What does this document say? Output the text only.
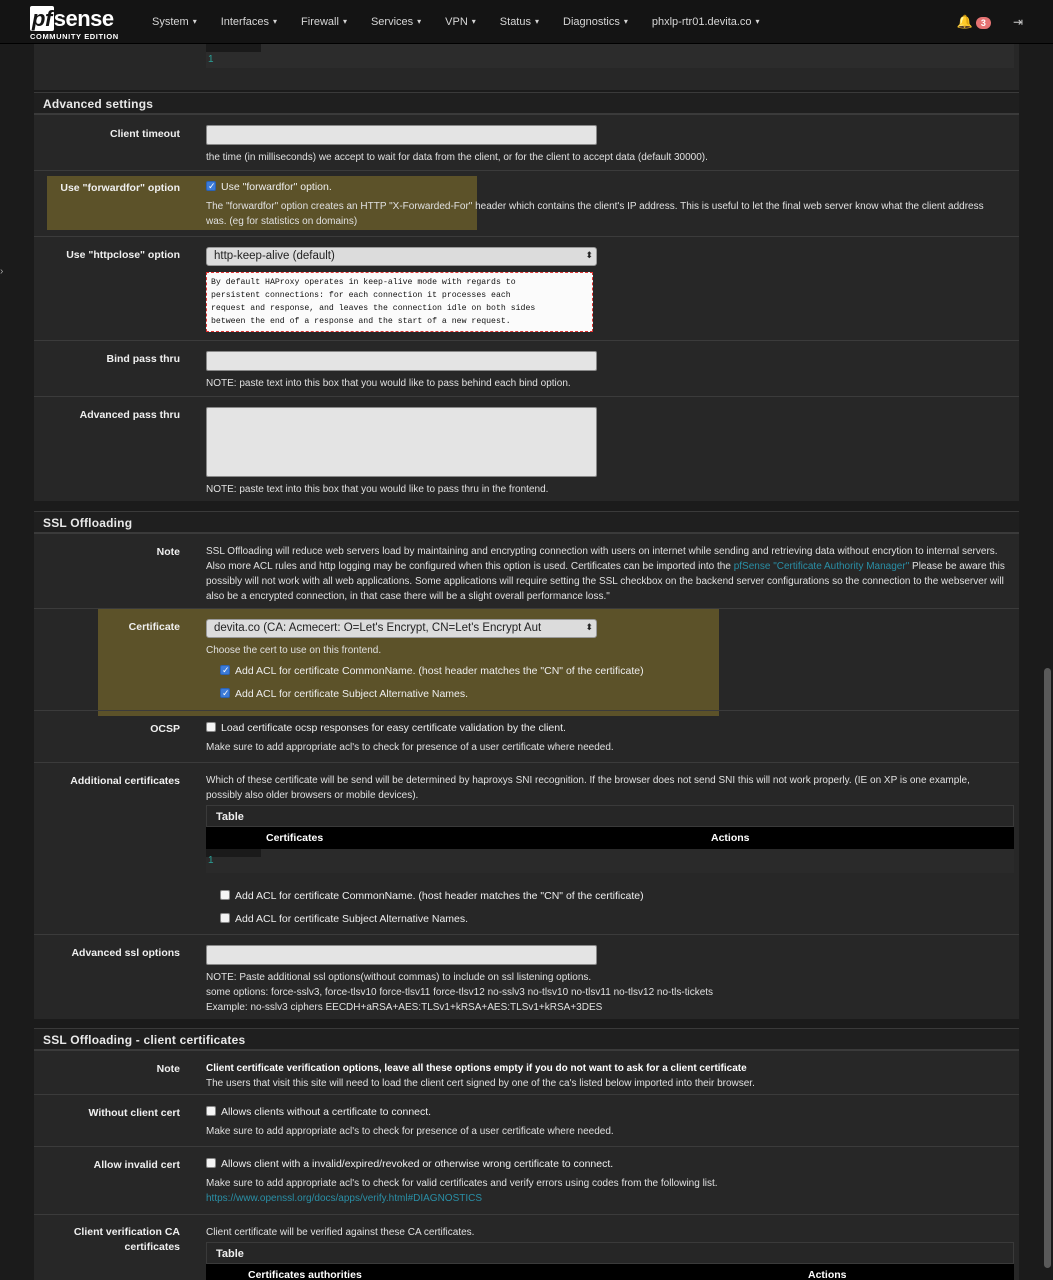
pfsense
COMMUNITY EDITION
System ▾ Interfaces ▾ Firewall ▾ Services ▾ VPN ▾ Status ▾ Diagnostics ▾ phxlp-rtr01.devita.co ▾	🔔 3	⇥
›
1
Advanced settings
Client timeout
the time (in milliseconds) we accept to wait for data from the client, or for the client to accept data (default 30000).
Use "forwardfor" option
✓	Use "forwardfor" option.
The "forwardfor" option creates an HTTP "X-Forwarded-For" header which contains the client's IP address. This is useful to let the final web server know what the client address was. (eg for statistics on domains)
Use "httpclose" option	http-keep-alive (default)	⬍
By default HAProxy operates in keep-alive mode with regards to
persistent connections: for each connection it processes each
request and response, and leaves the connection idle on both sides
between the end of a response and the start of a new request.
Bind pass thru
NOTE: paste text into this box that you would like to pass behind each bind option.
Advanced pass thru
NOTE: paste text into this box that you would like to pass thru in the frontend.
SSL Offloading
Note	SSL Offloading will reduce web servers load by maintaining and encrypting connection with users on internet while sending and retrieving data without encrytion to internal servers. Also more ACL rules and http logging may be configured when this option is used. Certificates can be imported into the pfSense "Certificate Authority Manager" Please be aware this possibly will not work with all web applications. Some applications will require setting the SSL checkbox on the backend server configurations so the connection to the webserver will also be a encrypted connection, in that case there will be a slight overall performance loss."
Certificate	devita.co (CA: Acmecert: O=Let's Encrypt, CN=Let's Encrypt Aut	⬍
Choose the cert to use on this frontend.
✓Add ACL for certificate CommonName. (host header matches the "CN" of the certificate)
✓Add ACL for certificate Subject Alternative Names.
OCSP	Load certificate ocsp responses for easy certificate validation by the client.
Make sure to add appropriate acl's to check for presence of a user certificate where needed.
Additional certificates	Which of these certificate will be send will be determined by haproxys SNI recognition. If the browser does not send SNI this will not work properly. (IE on XP is one example, possibly also older browsers or mobile devices).
Table
Certificates	Actions
1
Add ACL for certificate CommonName. (host header matches the "CN" of the certificate)
Add ACL for certificate Subject Alternative Names.
Advanced ssl options
NOTE: Paste additional ssl options(without commas) to include on ssl listening options.
some options: force-sslv3, force-tlsv10 force-tlsv11 force-tlsv12 no-sslv3 no-tlsv10 no-tlsv11 no-tlsv12 no-tls-tickets
Example: no-sslv3 ciphers EECDH+aRSA+AES:TLSv1+kRSA+AES:TLSv1+kRSA+3DES
SSL Offloading - client certificates
Note	Client certificate verification options, leave all these options empty if you do not want to ask for a client certificate
The users that visit this site will need to load the client cert signed by one of the ca's listed below imported into their browser.
Without client cert	Allows clients without a certificate to connect.
Make sure to add appropriate acl's to check for presence of a user certificate where needed.
Allow invalid cert	Allows client with a invalid/expired/revoked or otherwise wrong certificate to connect.
Make sure to add appropriate acl's to check for valid certificates and verify errors using codes from the following list.
https://www.openssl.org/docs/apps/verify.html#DIAGNOSTICS
Client verification CA
certificates
Client certificate will be verified against these CA certificates.
Table
Certificates authorities	Actions
